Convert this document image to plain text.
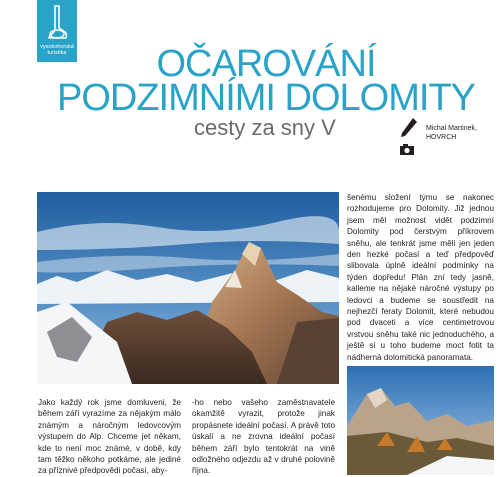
vysokohorská turistika	OČAROVÁNÍ
PODZIMNÍMI DOLOMITY
cesty za sny V	Michal Martinek,
HOVRCH

Jako každý rok jsme domluveni, že během září vyrazíme za nějakým málo známým a náročným ledovcovým výstupem do Alp. Chceme jet někam, kde to není moc známé, v době, kdy tam těžko někoho potkáme, ale jediné za příznivé předpovědi počasí, aby-

-ho nebo vašeho zaměstnavatele okamžitě vyrazit, protože jinak propásnete ideální počasí. A právě toto úskalí a ne zrovna ideální počasí během září bylo tentokrát na vině odložného odjezdu až v druhé polovině října.

šenému složení týmu se nakonec rozhodujeme pro Dolomity. Již jednou jsem měl možnost vidět podzimní Dolomity pod čerstvým příkrovem sněhu, ale tenkrát jsme měli jen jeden den hezké počasí a teď předpověď slibovala úplně ideální podmínky na týden dopředu! Plán zní tedy jasně, kalleme na nějaké náročné výstupy po ledovci a budeme se soustředit na nejhezčí feraty Dolomit, které nebudou pod dvaceti a více centimetrovou vrstvou sněhu také nic jednoduchého, a ještě si u toho budeme moct fotit ta nádherná dolomitická panoramata.
